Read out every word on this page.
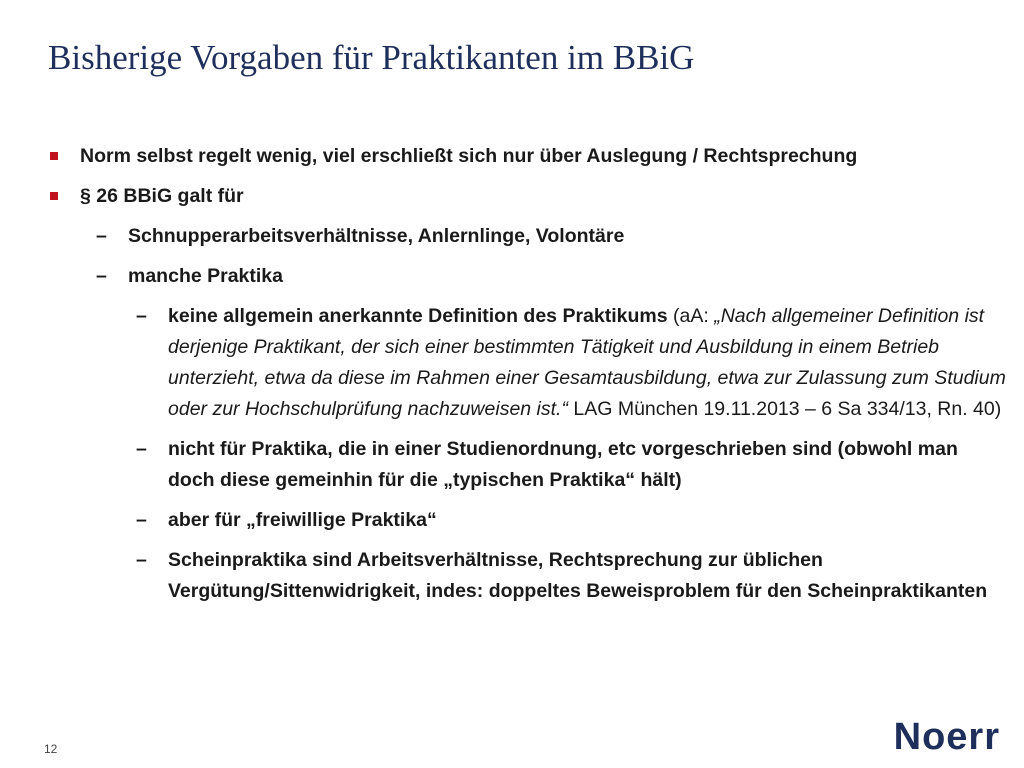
Bisherige Vorgaben für Praktikanten im BBiG
Norm selbst regelt wenig, viel erschließt sich nur über Auslegung / Rechtsprechung
§ 26 BBiG galt für
– Schnupperarbeitsverhältnisse, Anlernlinge, Volontäre
– manche Praktika
– keine allgemein anerkannte Definition des Praktikums (aA: „Nach allgemeiner Definition ist derjenige Praktikant, der sich einer bestimmten Tätigkeit und Ausbildung in einem Betrieb unterzieht, etwa da diese im Rahmen einer Gesamtausbildung, etwa zur Zulassung zum Studium oder zur Hochschulprüfung nachzuweisen ist.“ LAG München 19.11.2013 – 6 Sa 334/13, Rn. 40)
– nicht für Praktika, die in einer Studienordnung, etc vorgeschrieben sind (obwohl man doch diese gemeinhin für die „typischen Praktika“ hält)
– aber für „freiwillige Praktika“
– Scheinpraktika sind Arbeitsverhältnisse, Rechtsprechung zur üblichen Vergütung/Sittenwidrigkeit, indes: doppeltes Beweisproblem für den Scheinpraktikanten
12	Noerr
